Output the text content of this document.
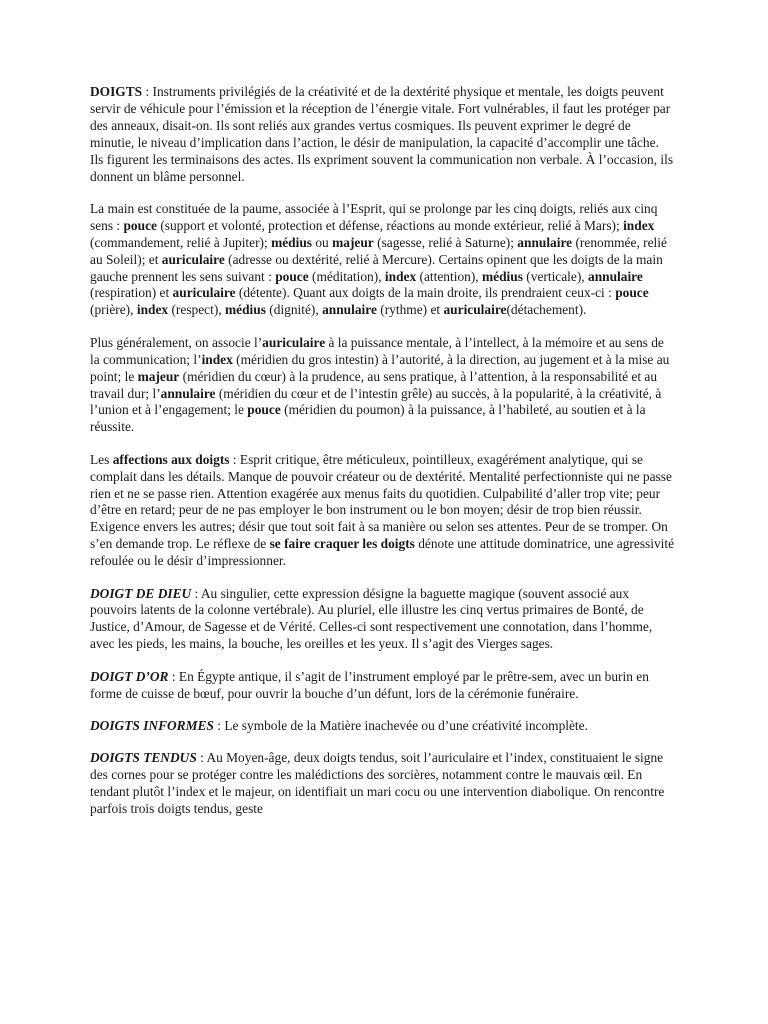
DOIGTS : Instruments privilégiés de la créativité et de la dextérité physique et mentale, les doigts peuvent servir de véhicule pour l’émission et la réception de l’énergie vitale. Fort vulnérables, il faut les protéger par des anneaux, disait-on. Ils sont reliés aux grandes vertus cosmiques. Ils peuvent exprimer le degré de minutie, le niveau d’implication dans l’action, le désir de manipulation, la capacité d’accomplir une tâche. Ils figurent les terminaisons des actes. Ils expriment souvent la communication non verbale. À l’occasion, ils donnent un blâme personnel.

La main est constituée de la paume, associée à l’Esprit, qui se prolonge par les cinq doigts, reliés aux cinq sens : pouce (support et volonté, protection et défense, réactions au monde extérieur, relié à Mars); index (commandement, relié à Jupiter); médius ou majeur (sagesse, relié à Saturne); annulaire (renommée, relié au Soleil); et auriculaire (adresse ou dextérité, relié à Mercure). Certains opinent que les doigts de la main gauche prennent les sens suivant : pouce (méditation), index (attention), médius (verticale), annulaire (respiration) et auriculaire (détente). Quant aux doigts de la main droite, ils prendraient ceux-ci : pouce (prière), index (respect), médius (dignité), annulaire (rythme) et auriculaire(détachement).

Plus généralement, on associe l’auriculaire à la puissance mentale, à l’intellect, à la mémoire et au sens de la communication; l’index (méridien du gros intestin) à l’autorité, à la direction, au jugement et à la mise au point; le majeur (méridien du cœur) à la prudence, au sens pratique, à l’attention, à la responsabilité et au travail dur; l’annulaire (méridien du cœur et de l’intestin grêle) au succès, à la popularité, à la créativité, à l’union et à l’engagement; le pouce (méridien du poumon) à la puissance, à l’habileté, au soutien et à la réussite.

Les affections aux doigts : Esprit critique, être méticuleux, pointilleux, exagérément analytique, qui se complait dans les détails. Manque de pouvoir créateur ou de dextérité. Mentalité perfectionniste qui ne passe rien et ne se passe rien. Attention exagérée aux menus faits du quotidien. Culpabilité d’aller trop vite; peur d’être en retard; peur de ne pas employer le bon instrument ou le bon moyen; désir de trop bien réussir. Exigence envers les autres; désir que tout soit fait à sa manière ou selon ses attentes. Peur de se tromper. On s’en demande trop. Le réflexe de se faire craquer les doigts dénote une attitude dominatrice, une agressivité refoulée ou le désir d’impressionner.

DOIGT DE DIEU : Au singulier, cette expression désigne la baguette magique (souvent associé aux pouvoirs latents de la colonne vertébrale). Au pluriel, elle illustre les cinq vertus primaires de Bonté, de Justice, d’Amour, de Sagesse et de Vérité. Celles-ci sont respectivement une connotation, dans l’homme, avec les pieds, les mains, la bouche, les oreilles et les yeux. Il s’agit des Vierges sages.

DOIGT D’OR : En Égypte antique, il s’agit de l’instrument employé par le prêtre-sem, avec un burin en forme de cuisse de bœuf, pour ouvrir la bouche d’un défunt, lors de la cérémonie funéraire.

DOIGTS INFORMES : Le symbole de la Matière inachevée ou d’une créativité incomplète.

DOIGTS TENDUS : Au Moyen-âge, deux doigts tendus, soit l’auriculaire et l’index, constituaient le signe des cornes pour se protéger contre les malédictions des sorcières, notamment contre le mauvais œil. En tendant plutôt l’index et le majeur, on identifiait un mari cocu ou une intervention diabolique. On rencontre parfois trois doigts tendus, geste
